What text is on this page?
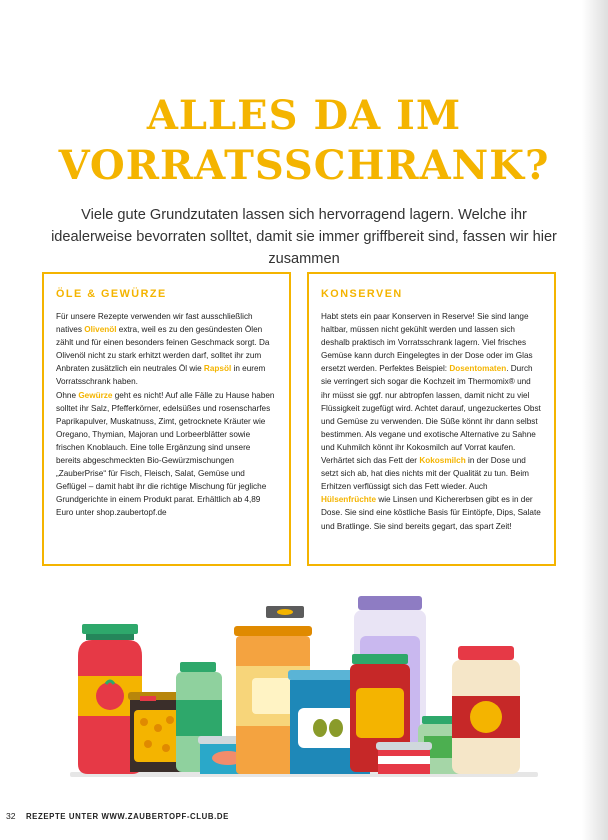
ALLES DA IM
VORRATSSCHRANK?

Viele gute Grundzutaten lassen sich hervorragend lagern. Welche ihr idealerweise bevorraten solltet, damit sie immer griffbereit sind, fassen wir hier zusammen

ÖLE & GEWÜRZE

Für unsere Rezepte verwenden wir fast ausschließlich natives Olivenöl extra, weil es zu den gesündesten Ölen zählt und für einen besonders feinen Geschmack sorgt. Da Olivenöl nicht zu stark erhitzt werden darf, solltet ihr zum Anbraten zusätzlich ein neutrales Öl wie Rapsöl in eurem Vorratsschrank haben.

Ohne Gewürze geht es nicht! Auf alle Fälle zu Hause haben solltet ihr Salz, Pfefferkörner, edelsüßes und rosenscharfes Paprikapulver, Muskatnuss, Zimt, getrocknete Kräuter wie Oregano, Thymian, Majoran und Lorbeerblätter sowie frischen Knoblauch. Eine tolle Ergänzung sind unsere bereits abgeschmeckten Bio-Gewürzmischungen „ZauberPrise“ für Fisch, Fleisch, Salat, Gemüse und Geflügel – damit habt ihr die richtige Mischung für jegliche Grundgerichte in einem Produkt parat. Erhältlich ab 4,89 Euro unter shop.zaubertopf.de

KONSERVEN

Habt stets ein paar Konserven in Reserve! Sie sind lange haltbar, müssen nicht gekühlt werden und lassen sich deshalb praktisch im Vorratsschrank lagern. Viel frisches Gemüse kann durch Eingelegtes in der Dose oder im Glas ersetzt werden. Perfektes Beispiel: Dosentomaten. Durch sie verringert sich sogar die Kochzeit im Thermomix® und ihr müsst sie ggf. nur abtropfen lassen, damit nicht zu viel Flüssigkeit zugefügt wird. Achtet darauf, ungezuckertes Obst und Gemüse zu verwenden. Die Süße könnt ihr dann selbst bestimmen. Als vegane und exotische Alternative zu Sahne und Kuhmilch könnt ihr Kokosmilch auf Vorrat kaufen. Verhärtet sich das Fett der Kokosmilch in der Dose und setzt sich ab, hat dies nichts mit der Qualität zu tun. Beim Erhitzen verflüssigt sich das Fett wieder. Auch Hülsenfrüchte wie Linsen und Kichererbsen gibt es in der Dose. Sie sind eine köstliche Basis für Eintöpfe, Dips, Salate und Bratlinge. Sie sind bereits gegart, das spart Zeit!

32 REZEPTE UNTER WWW.ZAUBERTOPF-CLUB.DE
